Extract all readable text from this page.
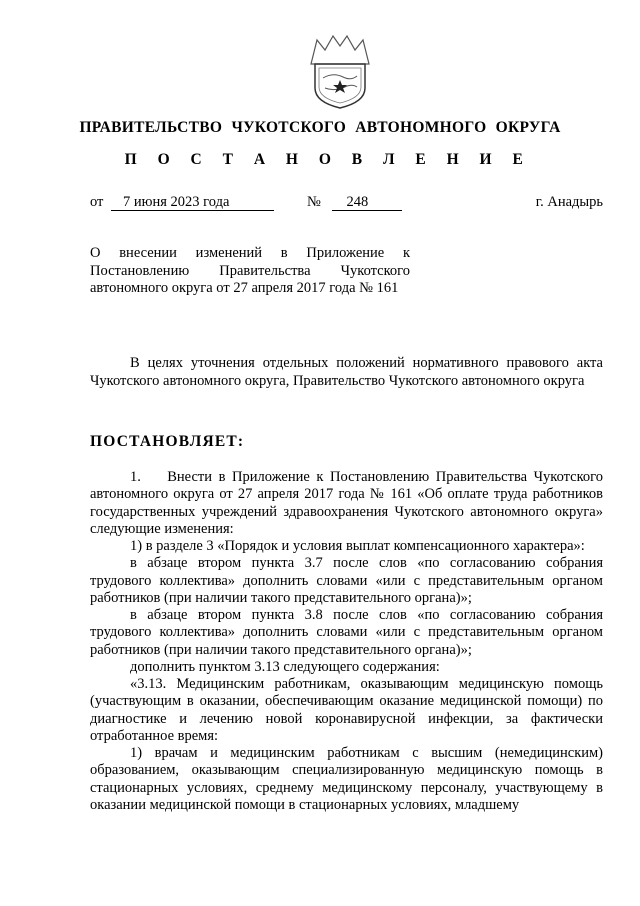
ПРАВИТЕЛЬСТВО ЧУКОТСКОГО АВТОНОМНОГО ОКРУГА
П О С Т А Н О В Л Е Н И Е
от 7 июня 2023 года	№ 248	г. Анадырь
О внесении изменений в Приложение к Постановлению Правительства Чукотского автономного округа от 27 апреля 2017 года № 161

В целях уточнения отдельных положений нормативного правового акта Чукотского автономного округа, Правительство Чукотского автономного округа

ПОСТАНОВЛЯЕТ:

1.    Внести в Приложение к Постановлению Правительства Чукотского автономного округа от 27 апреля 2017 года № 161 «Об оплате труда работников государственных учреждений здравоохранения Чукотского автономного округа» следующие изменения:

1) в разделе 3 «Порядок и условия выплат компенсационного характера»:

в абзаце втором пункта 3.7 после слов «по согласованию собрания трудового коллектива» дополнить словами «или с представительным органом работников (при наличии такого представительного органа)»;

в абзаце втором пункта 3.8 после слов «по согласованию собрания трудового коллектива» дополнить словами «или с представительным органом работников (при наличии такого представительного органа)»;

дополнить пунктом 3.13 следующего содержания:

«3.13. Медицинским работникам, оказывающим медицинскую помощь (участвующим в оказании, обеспечивающим оказание медицинской помощи) по диагностике и лечению новой коронавирусной инфекции, за фактически отработанное время:

1) врачам и медицинским работникам с высшим (немедицинским) образованием, оказывающим специализированную медицинскую помощь в стационарных условиях, среднему медицинскому персоналу, участвующему в оказании медицинской помощи в стационарных условиях, младшему
